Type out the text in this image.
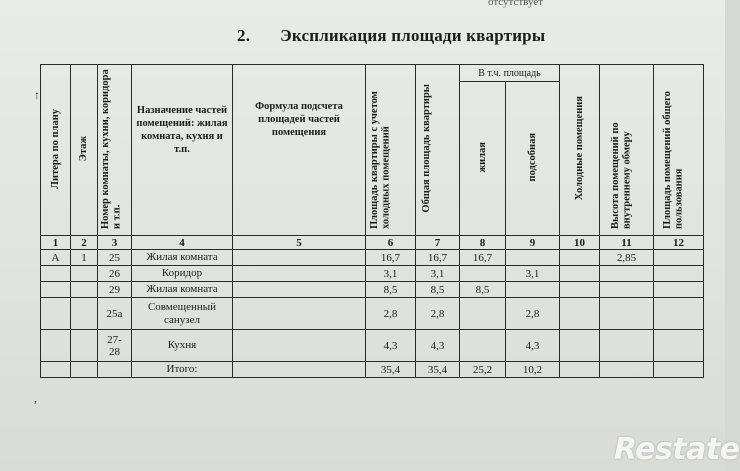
отсутствует
2. Экспликация площади квартиры
↑
Литера по плану	Этаж	Номер комнаты, кухни, коридора и т.п.	Назначение частей помещений: жилая комната, кухня и т.п.	Формула подсчета площадей частей помещения	Площадь квартиры с учетом холодных помещений	Общая площадь квартиры	В т.ч. площадь		Холодные помещения	Высота помещений по внутреннему обмеру	Площадь помещений общего пользования
							жилая	подсобная			
1	2	3	4	5	6	7	8	9	10	11	12
А	1	25	Жилая комната		16,7	16,7	16,7			2,85	
		26	Коридор		3,1	3,1		3,1			
		29	Жилая комната		8,5	8,5	8,5				
		25а	Совмещенный санузел		2,8	2,8		2,8			
		27-28	Кухня		4,3	4,3		4,3			
			Итого:		35,4	35,4	25,2	10,2			
,
Restate
